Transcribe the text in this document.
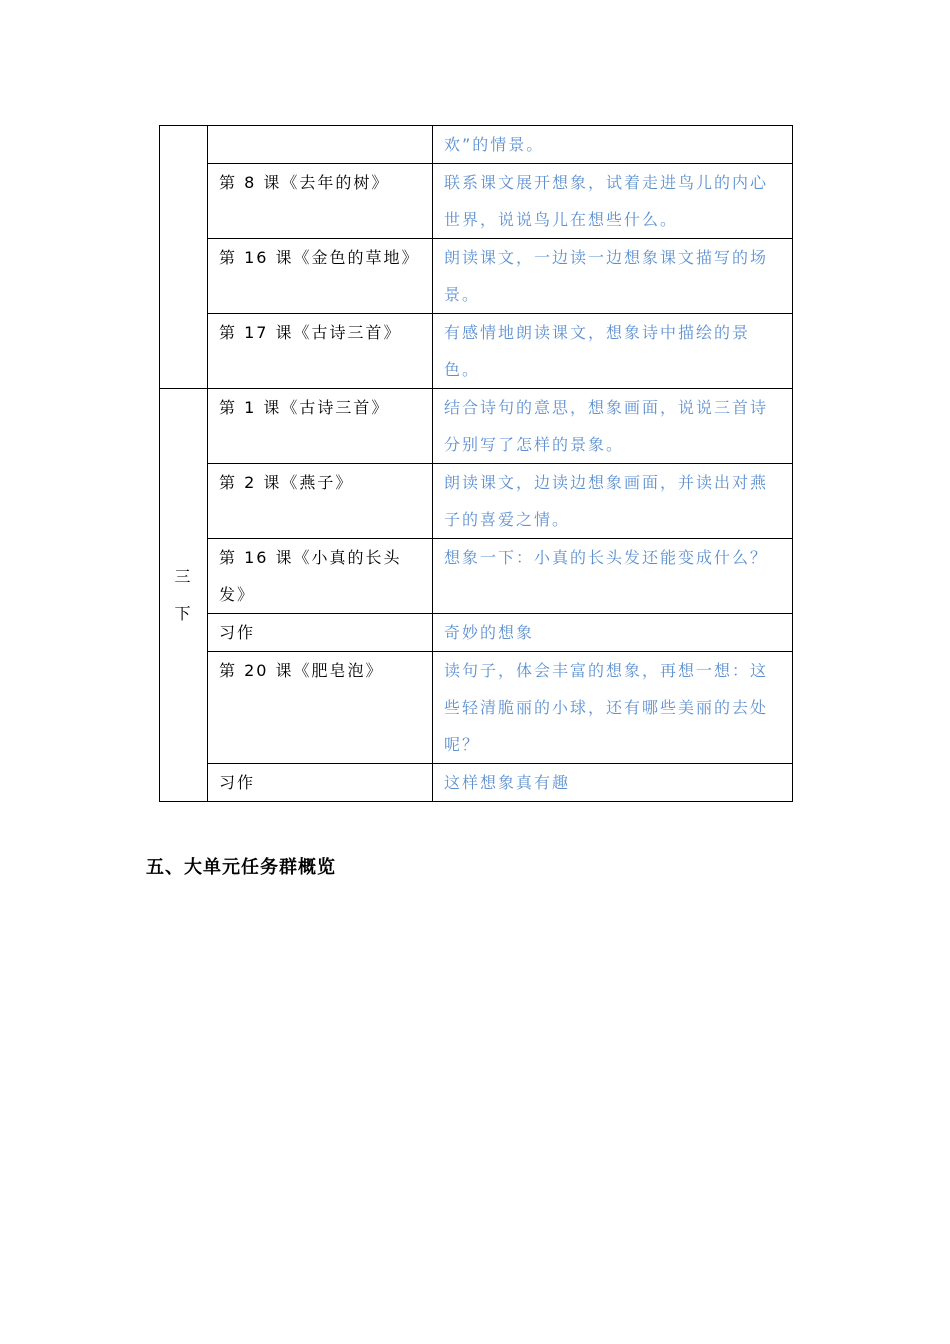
		欢”的情景。

	第 8 课《去年的树》	联系课文展开想象，试着走进鸟儿的内心世界，说说鸟儿在想些什么。

	第 16 课《金色的草地》	朗读课文，一边读一边想象课文描写的场景。

	第 17 课《古诗三首》	有感情地朗读课文，想象诗中描绘的景色。

三
下	第 1 课《古诗三首》	结合诗句的意思，想象画面，说说三首诗分别写了怎样的景象。

	第 2 课《燕子》	朗读课文，边读边想象画面，并读出对燕子的喜爱之情。

	第 16 课《小真的长头发》	想象一下：小真的长头发还能变成什么？

	习作	奇妙的想象

	第 20 课《肥皂泡》	读句子，体会丰富的想象，再想一想：这些轻清脆丽的小球，还有哪些美丽的去处呢？

	习作	这样想象真有趣
五、大单元任务群概览
